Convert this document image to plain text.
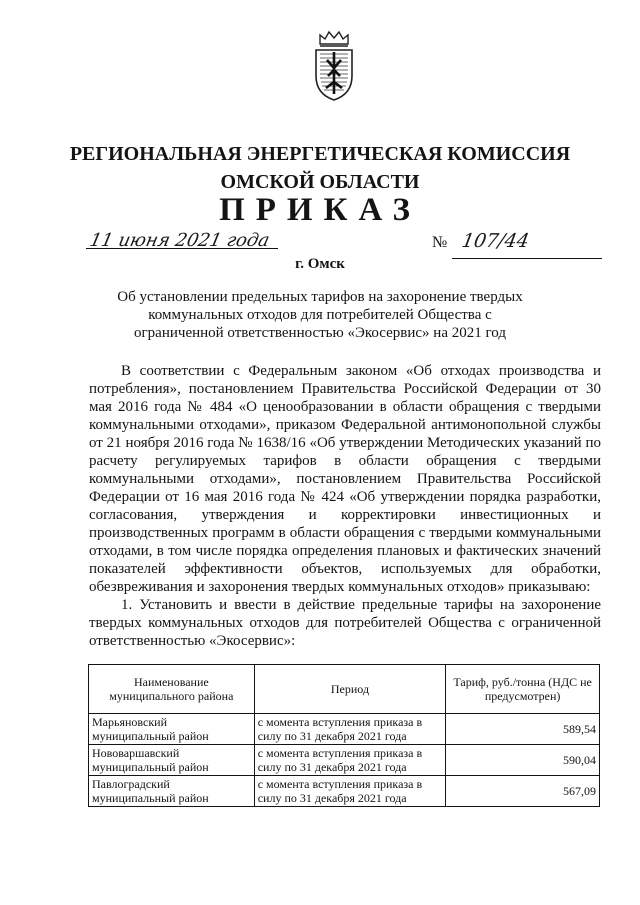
РЕГИОНАЛЬНАЯ ЭНЕРГЕТИЧЕСКАЯ КОМИССИЯ
ОМСКОЙ ОБЛАСТИ
ПРИКАЗ
11 июня 2021 года	№ 107/44
г. Омск
Об установлении предельных тарифов на захоронение твердых коммунальных отходов для потребителей Общества с ограниченной ответственностью «Экосервис» на 2021 год

В соответствии с Федеральным законом «Об отходах производства и потребления», постановлением Правительства Российской Федерации от 30 мая 2016 года № 484 «О ценообразовании в области обращения с твердыми коммунальными отходами», приказом Федеральной антимонопольной службы от 21 ноября 2016 года № 1638/16 «Об утверждении Методических указаний по расчету регулируемых тарифов в области обращения с твердыми коммунальными отходами», постановлением Правительства Российской Федерации от 16 мая 2016 года № 424 «Об утверждении порядка разработки, согласования, утверждения и корректировки инвестиционных и производственных программ в области обращения с твердыми коммунальными отходами, в том числе порядка определения плановых и фактических значений показателей эффективности объектов, используемых для обработки, обезвреживания и захоронения твердых коммунальных отходов» приказываю:

1. Установить и ввести в действие предельные тарифы на захоронение твердых коммунальных отходов для потребителей Общества с ограниченной ответственностью «Экосервис»:

Наименование муниципального района	Период	Тариф, руб./тонна (НДС не предусмотрен)
Марьяновский муниципальный район	с момента вступления приказа в силу по 31 декабря 2021 года	589,54
Нововаршавский муниципальный район	с момента вступления приказа в силу по 31 декабря 2021 года	590,04
Павлоградский муниципальный район	с момента вступления приказа в силу по 31 декабря 2021 года	567,09
